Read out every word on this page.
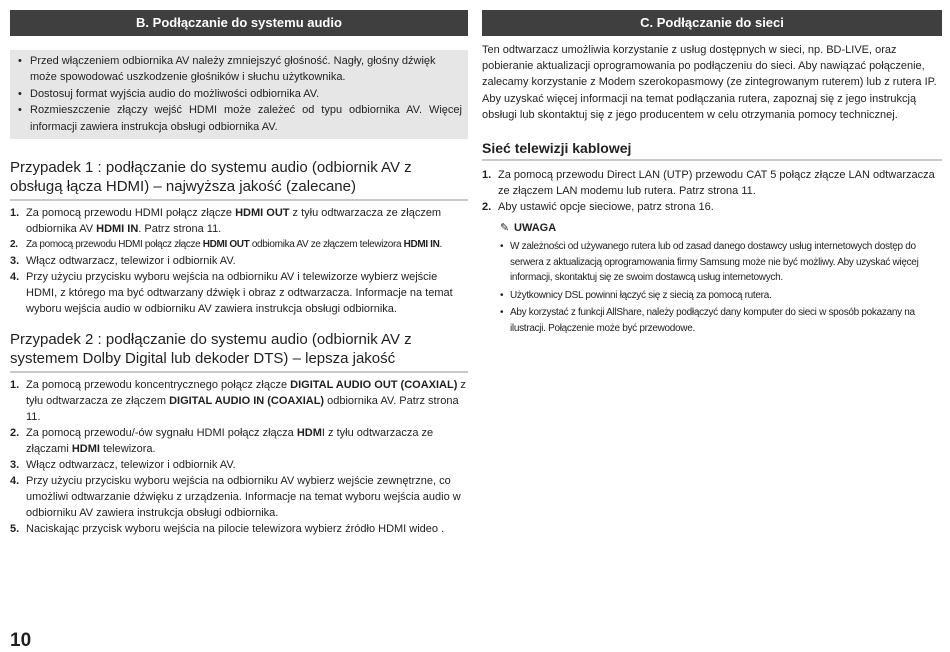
B. Podłączanie do systemu audio
• Przed włączeniem odbiornika AV należy zmniejszyć głośność. Nagły, głośny dźwięk może spowodować uszkodzenie głośników i słuchu użytkownika.
• Dostosuj format wyjścia audio do możliwości odbiornika AV.
• Rozmieszczenie złączy wejść HDMI może zależeć od typu odbiornika AV. Więcej informacji zawiera instrukcja obsługi odbiornika AV.
Przypadek 1 : podłączanie do systemu audio (odbiornik AV z obsługą łącza HDMI) – najwyższa jakość (zalecane)
1. Za pomocą przewodu HDMI połącz złącze HDMI OUT z tyłu odtwarzacza ze złączem odbiornika AV HDMI IN. Patrz strona 11.
2. Za pomocą przewodu HDMI połącz złącze HDMI OUT odbiornika AV ze złączem telewizora HDMI IN.
3. Włącz odtwarzacz, telewizor i odbiornik AV.
4. Przy użyciu przycisku wyboru wejścia na odbiorniku AV i telewizorze wybierz wejście HDMI, z którego ma być odtwarzany dźwięk i obraz z odtwarzacza. Informacje na temat wyboru wejścia audio w odbiorniku AV zawiera instrukcja obsługi odbiornika.
Przypadek 2 : podłączanie do systemu audio (odbiornik AV z systemem Dolby Digital lub dekoder DTS) – lepsza jakość
1. Za pomocą przewodu koncentrycznego połącz złącze DIGITAL AUDIO OUT (COAXIAL) z tyłu odtwarzacza ze złączem DIGITAL AUDIO IN (COAXIAL) odbiornika AV. Patrz strona 11.
2. Za pomocą przewodu/-ów sygnału HDMI połącz złącza HDMI z tyłu odtwarzacza ze złączami HDMI telewizora.
3. Włącz odtwarzacz, telewizor i odbiornik AV.
4. Przy użyciu przycisku wyboru wejścia na odbiorniku AV wybierz wejście zewnętrzne, co umożliwi odtwarzanie dźwięku z urządzenia. Informacje na temat wyboru wejścia audio w odbiorniku AV zawiera instrukcja obsługi odbiornika.
5. Naciskając przycisk wyboru wejścia na pilocie telewizora wybierz źródło HDMI wideo .
C. Podłączanie do sieci

Ten odtwarzacz umożliwia korzystanie z usług dostępnych w sieci, np. BD-LIVE, oraz pobieranie aktualizacji oprogramowania po podłączeniu do sieci. Aby nawiązać połączenie, zalecamy korzystanie z Modem szerokopasmowy (ze zintegrowanym ruterem) lub z rutera IP. Aby uzyskać więcej informacji na temat podłączania rutera, zapoznaj się z jego instrukcją obsługi lub skontaktuj się z jego producentem w celu otrzymania pomocy technicznej.

Sieć telewizji kablowej
1. Za pomocą przewodu Direct LAN (UTP) przewodu CAT 5 połącz złącze LAN odtwarzacza ze złączem LAN modemu lub rutera. Patrz strona 11.
2. Aby ustawić opcje sieciowe, patrz strona 16.
✎ UWAGA
• W zależności od używanego rutera lub od zasad danego dostawcy usług internetowych dostęp do serwera z aktualizacją oprogramowania firmy Samsung może nie być możliwy. Aby uzyskać więcej informacji, skontaktuj się ze swoim dostawcą usług internetowych.
• Użytkownicy DSL powinni łączyć się z siecią za pomocą rutera.
• Aby korzystać z funkcji AllShare, należy podłączyć dany komputer do sieci w sposób pokazany na ilustracji. Połączenie może być przewodowe.
10
